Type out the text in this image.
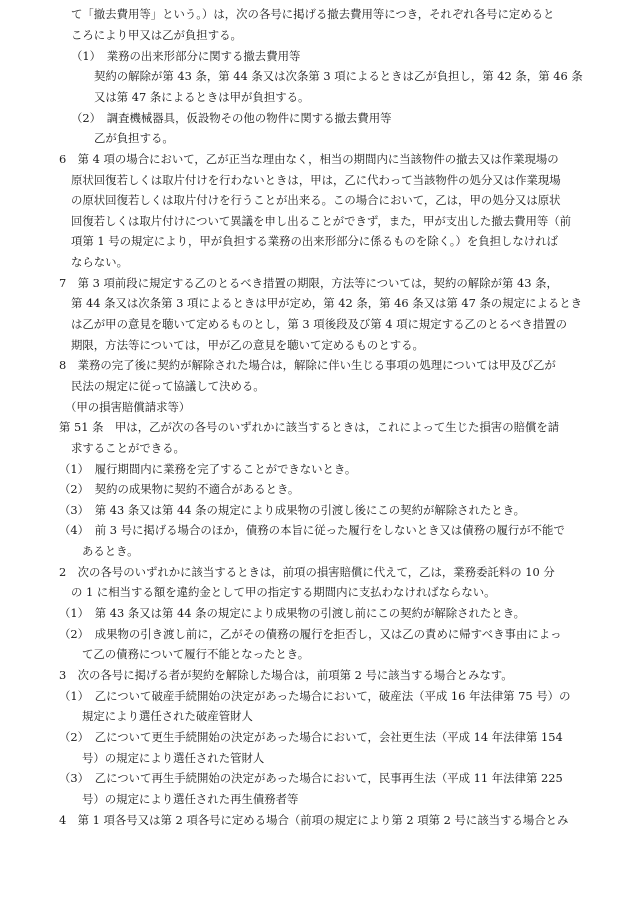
て「撤去費用等」という。）は，次の各号に掲げる撤去費用等につき，それぞれ各号に定めると
ころにより甲又は乙が負担する。
（1）　業務の出来形部分に関する撤去費用等
契約の解除が第 43 条，第 44 条又は次条第 3 項によるときは乙が負担し，第 42 条，第 46 条
又は第 47 条によるときは甲が負担する。
（2）　調査機械器具，仮設物その他の物件に関する撤去費用等
乙が負担する。
6　第 4 項の場合において，乙が正当な理由なく，相当の期間内に当該物件の撤去又は作業現場の
原状回復若しくは取片付けを行わないときは，甲は，乙に代わって当該物件の処分又は作業現場
の原状回復若しくは取片付けを行うことが出来る。この場合において，乙は，甲の処分又は原状
回復若しくは取片付けについて異議を申し出ることができず，また，甲が支出した撤去費用等（前
項第 1 号の規定により，甲が負担する業務の出来形部分に係るものを除く。）を負担しなければ
ならない。
7　第 3 項前段に規定する乙のとるべき措置の期限，方法等については，契約の解除が第 43 条，
第 44 条又は次条第 3 項によるときは甲が定め，第 42 条，第 46 条又は第 47 条の規定によるとき
は乙が甲の意見を聴いて定めるものとし，第 3 項後段及び第 4 項に規定する乙のとるべき措置の
期限，方法等については，甲が乙の意見を聴いて定めるものとする。
8　業務の完了後に契約が解除された場合は，解除に伴い生じる事項の処理については甲及び乙が
民法の規定に従って協議して決める。
（甲の損害賠償請求等）
第 51 条　甲は，乙が次の各号のいずれかに該当するときは，これによって生じた損害の賠償を請
求することができる。
（1）　履行期間内に業務を完了することができないとき。
（2）　契約の成果物に契約不適合があるとき。
（3）　第 43 条又は第 44 条の規定により成果物の引渡し後にこの契約が解除されたとき。
（4）　前 3 号に掲げる場合のほか，債務の本旨に従った履行をしないとき又は債務の履行が不能で
あるとき。
2　次の各号のいずれかに該当するときは，前項の損害賠償に代えて，乙は，業務委託料の 10 分
の 1 に相当する額を違約金として甲の指定する期間内に支払わなければならない。
（1）　第 43 条又は第 44 条の規定により成果物の引渡し前にこの契約が解除されたとき。
（2）　成果物の引き渡し前に，乙がその債務の履行を拒否し，又は乙の責めに帰すべき事由によっ
て乙の債務について履行不能となったとき。
3　次の各号に掲げる者が契約を解除した場合は，前項第 2 号に該当する場合とみなす。
（1）　乙について破産手続開始の決定があった場合において，破産法（平成 16 年法律第 75 号）の
規定により選任された破産管財人
（2）　乙について更生手続開始の決定があった場合において，会社更生法（平成 14 年法律第 154
号）の規定により選任された管財人
（3）　乙について再生手続開始の決定があった場合において，民事再生法（平成 11 年法律第 225
号）の規定により選任された再生債務者等
4　第 1 項各号又は第 2 項各号に定める場合（前項の規定により第 2 項第 2 号に該当する場合とみ
